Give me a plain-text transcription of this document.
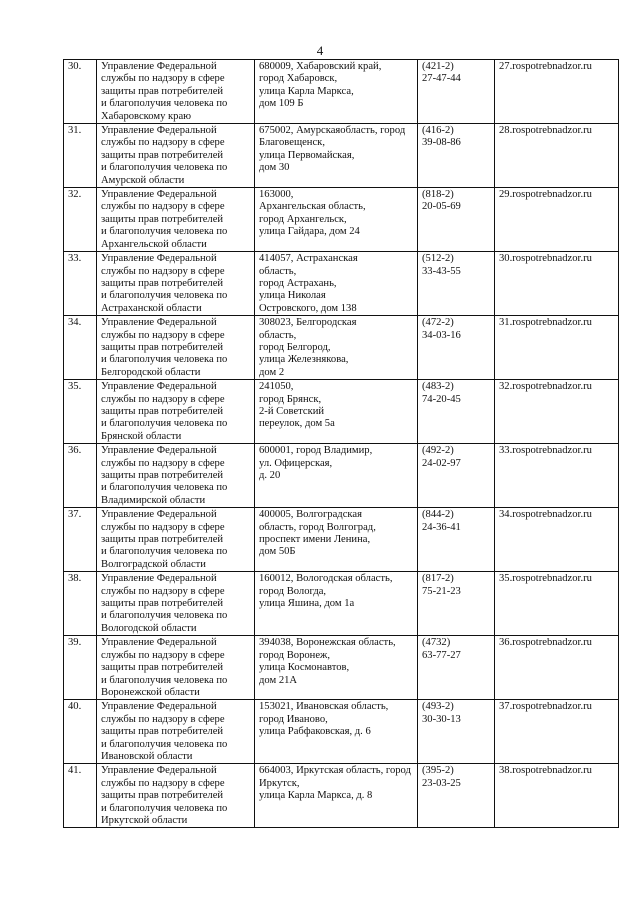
4
30.	Управление Федеральной
службы по надзору в сфере
защиты прав потребителей
и благополучия человека по
Хабаровскому краю	680009, Хабаровский край,
город Хабаровск,
улица Карла Маркса,
дом 109 Б	(421-2)
27-47-44	27.rospotrebnadzor.ru
31.	Управление Федеральной
службы по надзору в сфере
защиты прав потребителей
и благополучия человека по
Амурской области	675002, Амурскаяобласть, город
Благовещенск,
улица Первомайская,
дом 30	(416-2)
39-08-86	28.rospotrebnadzor.ru
32.	Управление Федеральной
службы по надзору в сфере
защиты прав потребителей
и благополучия человека по
Архангельской области	163000,
Архангельская область,
город Архангельск,
улица Гайдара, дом 24	(818-2)
20-05-69	29.rospotrebnadzor.ru
33.	Управление Федеральной
службы по надзору в сфере
защиты прав потребителей
и благополучия человека по
Астраханской области	414057, Астраханская
область,
город Астрахань,
улица Николая
Островского, дом 138	(512-2)
33-43-55	30.rospotrebnadzor.ru
34.	Управление Федеральной
службы по надзору в сфере
защиты прав потребителей
и благополучия человека по
Белгородской области	308023, Белгородская
область,
город Белгород,
улица Железнякова,
дом 2	(472-2)
34-03-16	31.rospotrebnadzor.ru
35.	Управление Федеральной
службы по надзору в сфере
защиты прав потребителей
и благополучия человека по
Брянской области	241050,
город Брянск,
2-й Советский
переулок, дом 5а	(483-2)
74-20-45	32.rospotrebnadzor.ru
36.	Управление Федеральной
службы по надзору в сфере
защиты прав потребителей
и благополучия человека по
Владимирской области	600001, город Владимир,
ул. Офицерская,
д. 20	(492-2)
24-02-97	33.rospotrebnadzor.ru
37.	Управление Федеральной
службы по надзору в сфере
защиты прав потребителей
и благополучия человека по
Волгоградской области	400005, Волгоградская
область, город Волгоград,
проспект имени Ленина,
дом 50Б	(844-2)
24-36-41	34.rospotrebnadzor.ru
38.	Управление Федеральной
службы по надзору в сфере
защиты прав потребителей
и благополучия человека по
Вологодской области	160012, Вологодская область,
город Вологда,
улица Яшина, дом 1а	(817-2)
75-21-23	35.rospotrebnadzor.ru
39.	Управление Федеральной
службы по надзору в сфере
защиты прав потребителей
и благополучия человека по
Воронежской области	394038, Воронежская область,
город Воронеж,
улица Космонавтов,
дом 21А	(4732)
63-77-27	36.rospotrebnadzor.ru
40.	Управление Федеральной
службы по надзору в сфере
защиты прав потребителей
и благополучия человека по
Ивановской области	153021, Ивановская область,
город Иваново,
улица Рабфаковская, д. 6	(493-2)
30-30-13	37.rospotrebnadzor.ru
41.	Управление Федеральной
службы по надзору в сфере
защиты прав потребителей
и благополучия человека по
Иркутской области	664003, Иркутская область, город
Иркутск,
улица Карла Маркса, д. 8	(395-2)
23-03-25	38.rospotrebnadzor.ru
